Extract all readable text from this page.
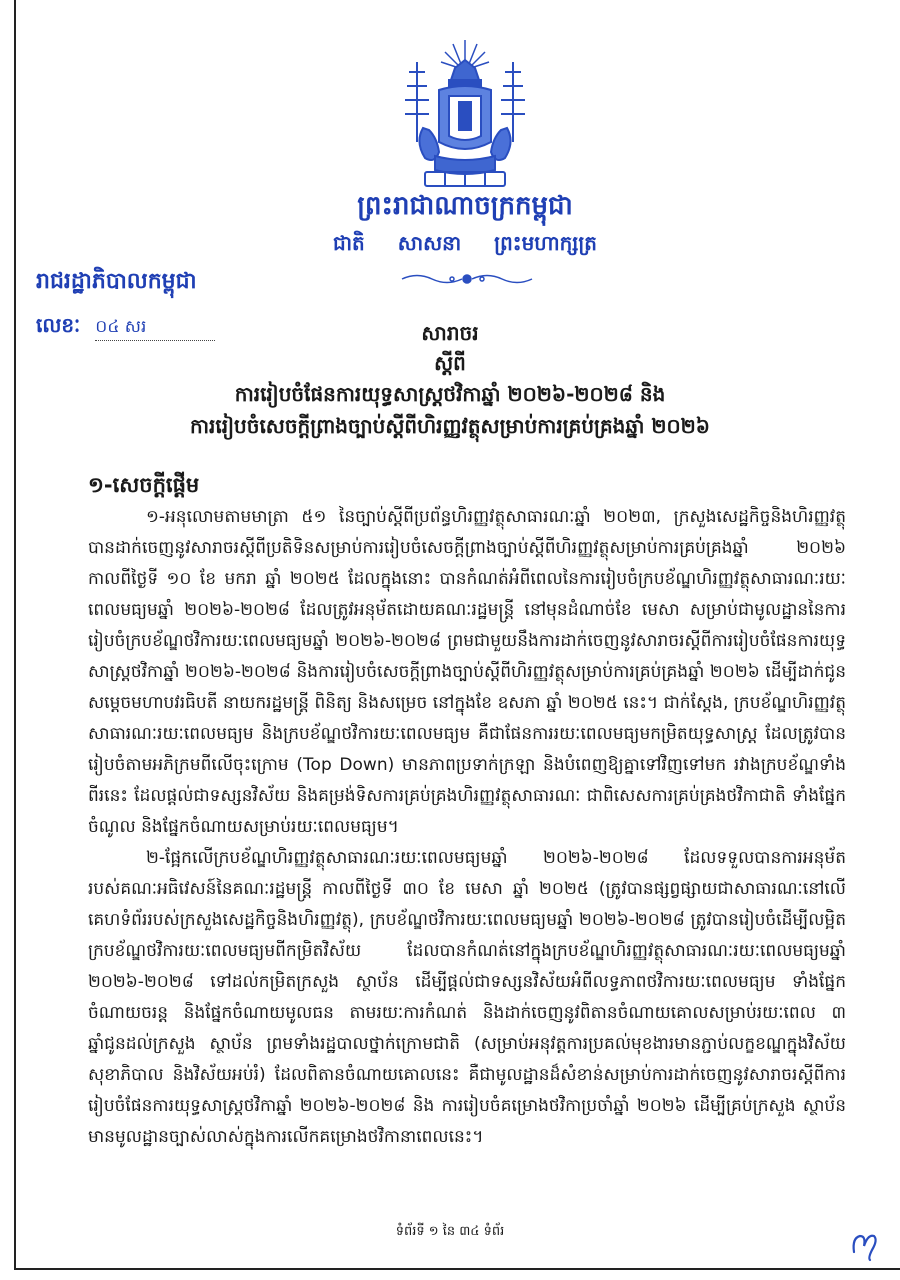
ព្រះរាជាណាចក្រកម្ពុជា
ជាតិ សាសនា ព្រះមហាក្សត្រ
រាជរដ្ឋាភិបាលកម្ពុជា
លេខៈ ០៤ សរ	សារាចរ
ស្ដីពី
ការរៀបចំផែនការយុទ្ធសាស្ត្រថវិកាឆ្នាំ ២០២៦-២០២៨ និង
ការរៀបចំសេចក្ដីព្រាងច្បាប់ស្ដីពីហិរញ្ញវត្ថុសម្រាប់ការគ្រប់គ្រងឆ្នាំ ២០២៦
១-សេចក្ដីផ្ដើម

១-អនុលោមតាមមាត្រា ៥១ នៃច្បាប់ស្ដីពីប្រព័ន្ធហិរញ្ញវត្ថុសាធារណៈឆ្នាំ ២០២៣, ក្រសួងសេដ្ឋកិច្ចនិងហិរញ្ញវត្ថុ បានដាក់ចេញនូវសារាចរស្ដីពីប្រតិទិនសម្រាប់ការរៀបចំសេចក្ដីព្រាងច្បាប់ស្ដីពីហិរញ្ញវត្ថុសម្រាប់ការគ្រប់គ្រងឆ្នាំ ២០២៦ កាលពីថ្ងៃទី ១០ ខែ មករា ឆ្នាំ ២០២៥ ដែលក្នុងនោះ បានកំណត់អំពីពេលនៃការរៀបចំក្របខ័ណ្ឌហិរញ្ញវត្ថុសាធារណៈរយៈពេលមធ្យមឆ្នាំ ២០២៦-២០២៨ ដែលត្រូវអនុម័តដោយគណៈរដ្ឋមន្ត្រី នៅមុនដំណាច់ខែ មេសា សម្រាប់ជាមូលដ្ឋាននៃការរៀបចំក្របខ័ណ្ឌថវិការយៈពេលមធ្យមឆ្នាំ ២០២៦-២០២៨ ព្រមជាមួយនឹងការដាក់ចេញនូវសារាចរស្ដីពីការរៀបចំផែនការយុទ្ធសាស្ត្រថវិកាឆ្នាំ ២០២៦-២០២៨ និងការរៀបចំសេចក្ដីព្រាងច្បាប់ស្ដីពីហិរញ្ញវត្ថុសម្រាប់ការគ្រប់គ្រងឆ្នាំ ២០២៦ ដើម្បីដាក់ជូន សម្ដេចមហាបវរធិបតី នាយករដ្ឋមន្ត្រី ពិនិត្យ និងសម្រេច នៅក្នុងខែ ឧសភា ឆ្នាំ ២០២៥ នេះ។ ជាក់ស្ដែង, ក្របខ័ណ្ឌហិរញ្ញវត្ថុសាធារណៈរយៈពេលមធ្យម និងក្របខ័ណ្ឌថវិការយៈពេលមធ្យម គឺជាផែនការរយៈពេលមធ្យមកម្រិតយុទ្ធសាស្ត្រ ដែលត្រូវបានរៀបចំតាមអភិក្រមពីលើចុះក្រោម (Top Down) មានភាពប្រទាក់ក្រឡា និងបំពេញឱ្យគ្នាទៅវិញទៅមក រវាងក្របខ័ណ្ឌទាំងពីរនេះ ដែលផ្ដល់ជាទស្សនវិស័យ និងគម្រង់ទិសការគ្រប់គ្រងហិរញ្ញវត្ថុសាធារណៈ ជាពិសេសការគ្រប់គ្រងថវិកាជាតិ ទាំងផ្នែកចំណូល និងផ្នែកចំណាយសម្រាប់រយៈពេលមធ្យម។

២-ផ្អែកលើក្របខ័ណ្ឌហិរញ្ញវត្ថុសាធារណៈរយៈពេលមធ្យមឆ្នាំ ២០២៦-២០២៨ ដែលទទួលបានការអនុម័តរបស់គណៈអធិវេសន៍នៃគណៈរដ្ឋមន្ត្រី កាលពីថ្ងៃទី ៣០ ខែ មេសា ឆ្នាំ ២០២៥ (ត្រូវបានផ្សព្វផ្សាយជាសាធារណៈនៅលើគេហទំព័ររបស់ក្រសួងសេដ្ឋកិច្ចនិងហិរញ្ញវត្ថុ), ក្របខ័ណ្ឌថវិការយៈពេលមធ្យមឆ្នាំ ២០២៦-២០២៨ ត្រូវបានរៀបចំដើម្បីលម្អិតក្របខ័ណ្ឌថវិការយៈពេលមធ្យមពីកម្រិតវិស័យ ដែលបានកំណត់នៅក្នុងក្របខ័ណ្ឌហិរញ្ញវត្ថុសាធារណៈរយៈពេលមធ្យមឆ្នាំ ២០២៦-២០២៨ ទៅដល់កម្រិតក្រសួង ស្ថាប័ន ដើម្បីផ្ដល់ជាទស្សនវិស័យអំពីលទ្ធភាពថវិការយៈពេលមធ្យម ទាំងផ្នែកចំណាយចរន្ត និងផ្នែកចំណាយមូលធន តាមរយៈការកំណត់ និងដាក់ចេញនូវពិតានចំណាយគោលសម្រាប់រយៈពេល ៣ ឆ្នាំជូនដល់ក្រសួង ស្ថាប័ន ព្រមទាំងរដ្ឋបាលថ្នាក់ក្រោមជាតិ (សម្រាប់អនុវត្តការប្រគល់មុខងារមានភ្ជាប់លក្ខខណ្ឌក្នុងវិស័យសុខាភិបាល និងវិស័យអប់រំ) ដែលពិតានចំណាយគោលនេះ គឺជាមូលដ្ឋានដ៏សំខាន់សម្រាប់ការដាក់ចេញនូវសារាចរស្ដីពីការរៀបចំផែនការយុទ្ធសាស្ត្រថវិកាឆ្នាំ ២០២៦-២០២៨ និង ការរៀបចំគម្រោងថវិកាប្រចាំឆ្នាំ ២០២៦ ដើម្បីគ្រប់ក្រសួង ស្ថាប័ន មានមូលដ្ឋានច្បាស់លាស់ក្នុងការលើកគម្រោងថវិកានាពេលនេះ។

ទំព័រទី ១ នៃ ៣៤ ទំព័រ
